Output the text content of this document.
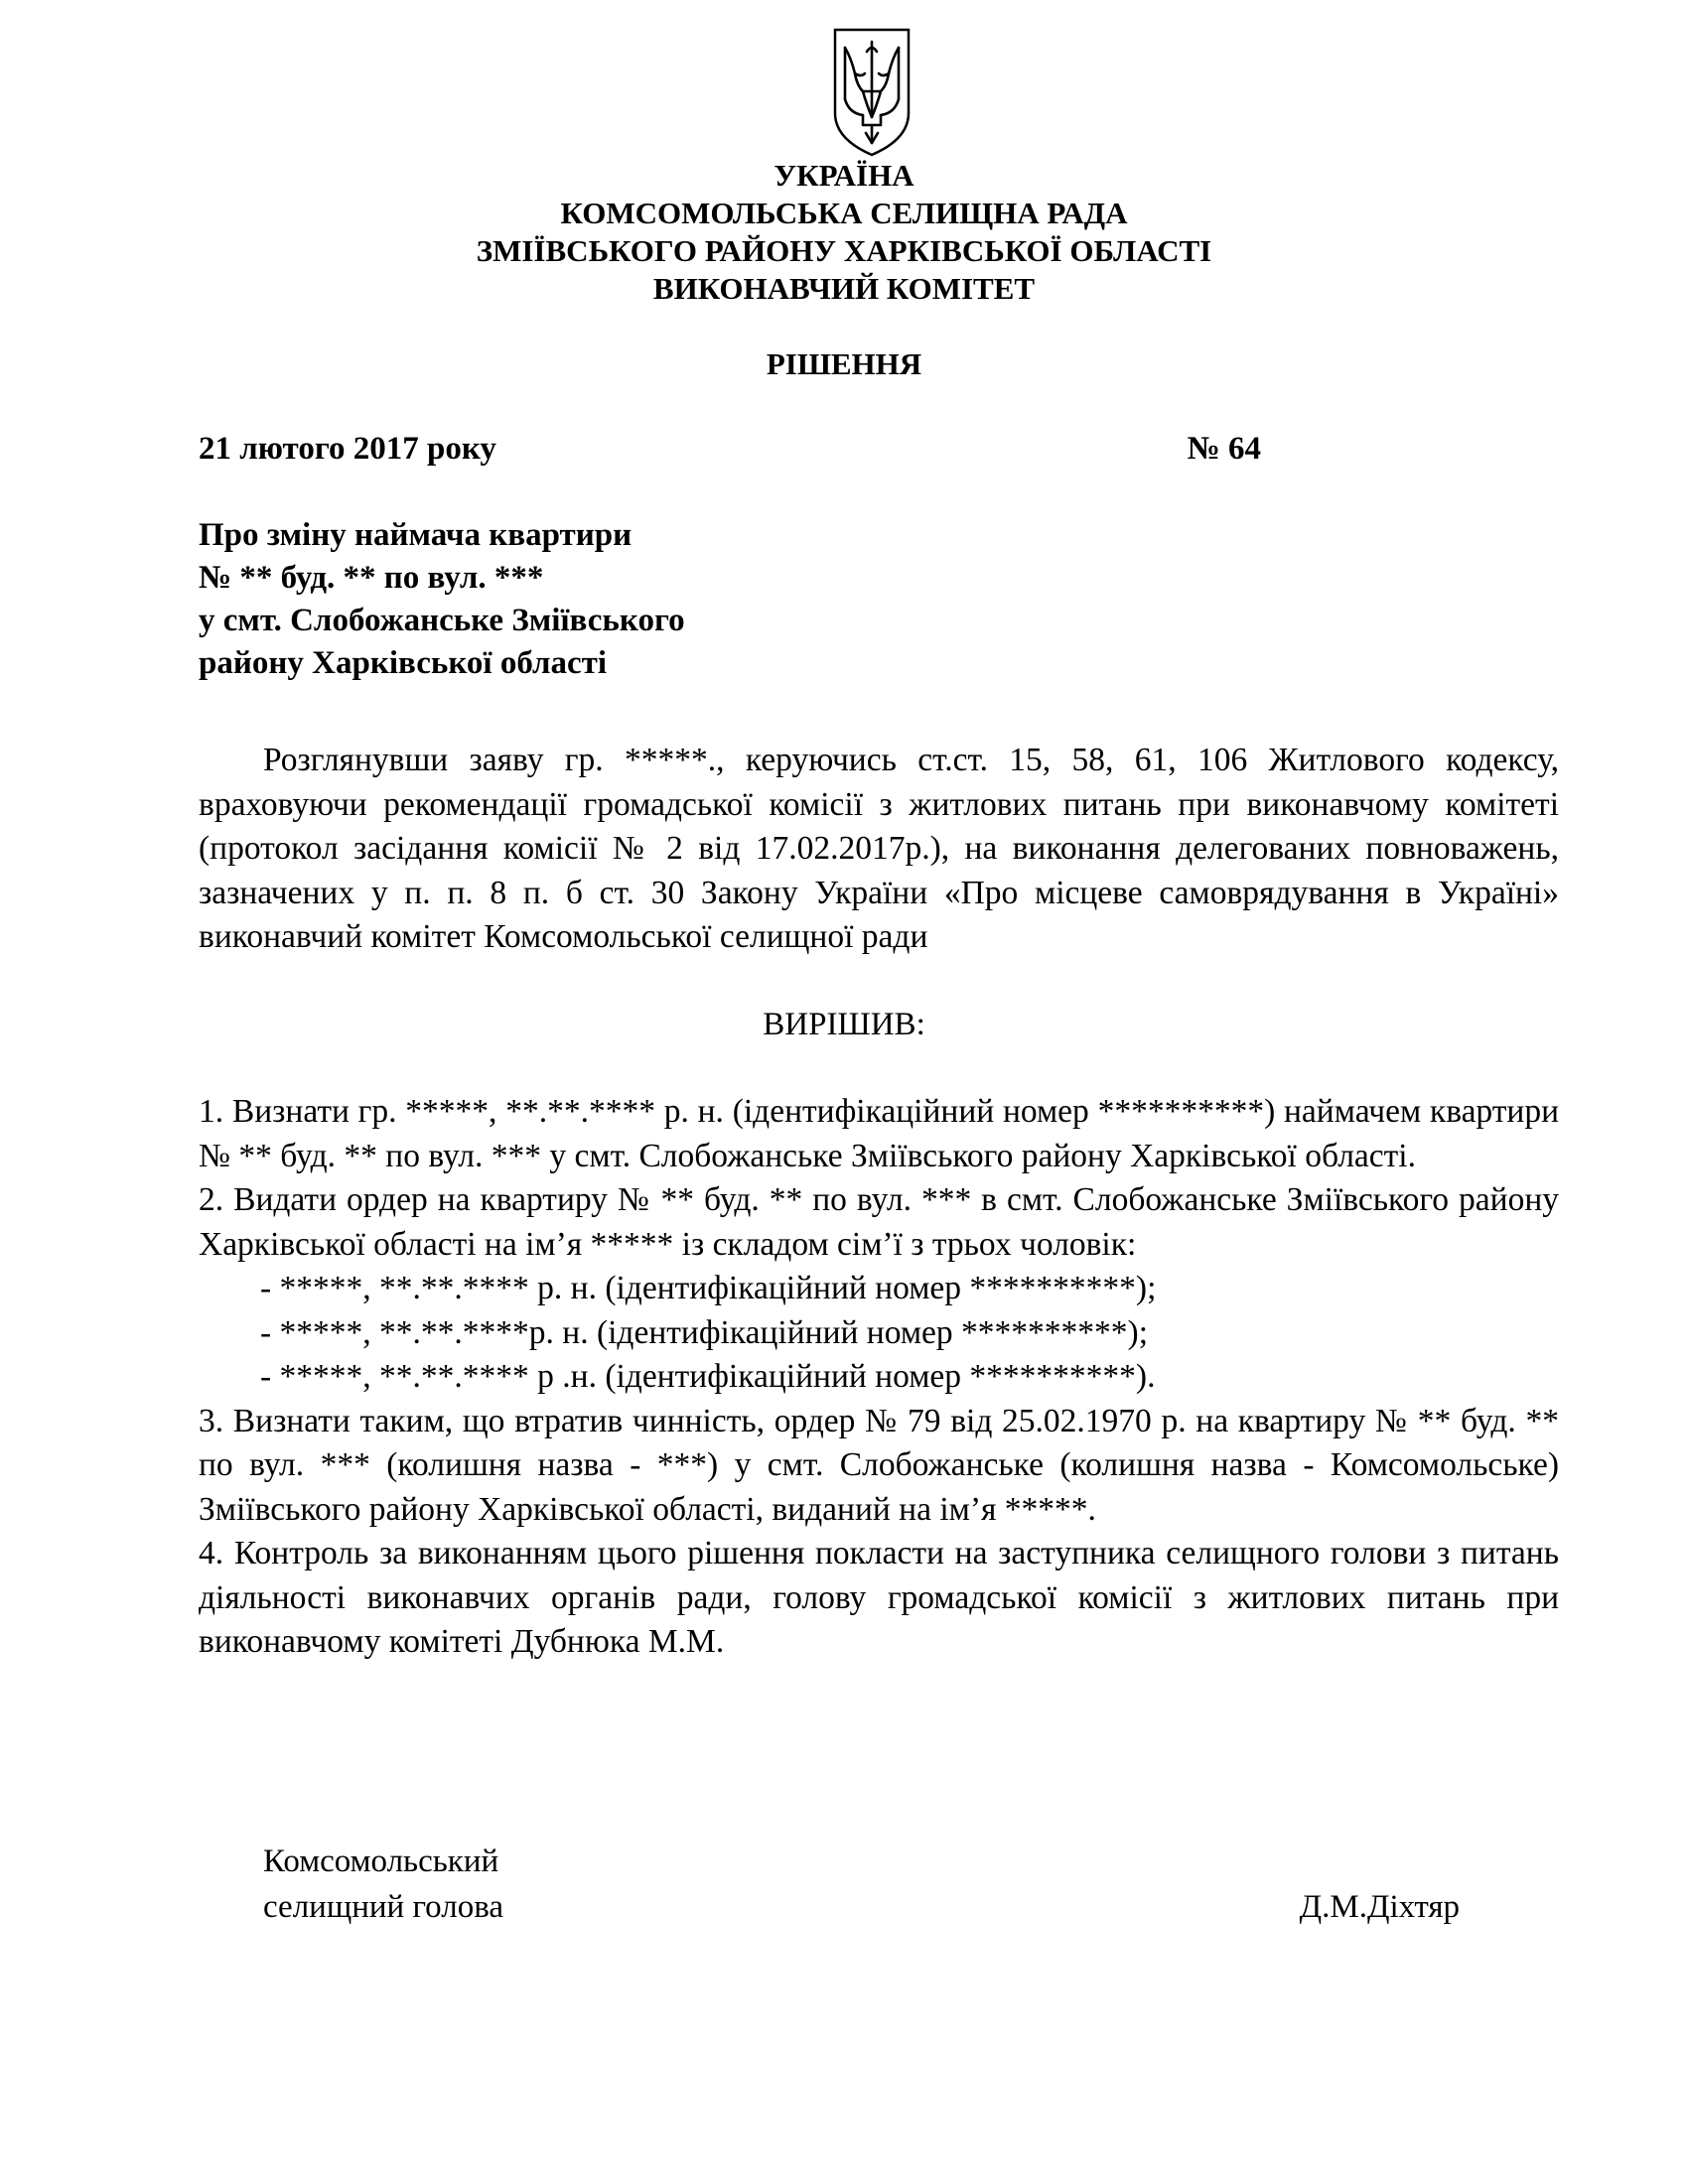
УКРАЇНА
КОМСОМОЛЬСЬКА СЕЛИЩНА РАДА
ЗМІЇВСЬКОГО РАЙОНУ ХАРКІВСЬКОЇ ОБЛАСТІ
ВИКОНАВЧИЙ КОМІТЕТ
РІШЕННЯ
21 лютого 2017 року	№ 64
Про зміну наймача квартири
№ ** буд. ** по вул. ***
у смт. Слобожанське Зміївського
району Харківської області
Розглянувши заяву гр. *****., керуючись ст.ст. 15, 58, 61, 106 Житлового кодексу, враховуючи рекомендації громадської комісії з житлових питань при виконавчому комітеті (протокол засідання комісії № 2 від 17.02.2017р.), на виконання делегованих повноважень, зазначених у п. п. 8 п. б ст. 30 Закону України «Про місцеве самоврядування в Україні» виконавчий комітет Комсомольської селищної ради
ВИРІШИВ:

1. Визнати гр. *****, **.**.**** р. н. (ідентифікаційний номер **********) наймачем квартири № ** буд. ** по вул. *** у смт. Слобожанське Зміївського району Харківської області.

2. Видати ордер на квартиру № ** буд. ** по вул. *** в смт. Слобожанське Зміївського району Харківської області на ім’я ***** із складом сім’ї з трьох чоловік:

- *****, **.**.**** р. н. (ідентифікаційний номер **********);

- *****, **.**.****р. н. (ідентифікаційний номер **********);

- *****, **.**.**** р .н. (ідентифікаційний номер **********).

3. Визнати таким, що втратив чинність, ордер № 79 від 25.02.1970 р. на квартиру № ** буд. ** по вул. *** (колишня назва - ***) у смт. Слобожанське (колишня назва - Комсомольське) Зміївського району Харківської області, виданий на ім’я *****.

4. Контроль за виконанням цього рішення покласти на заступника селищного голови з питань діяльності виконавчих органів ради, голову громадської комісії з житлових питань при виконавчому комітеті Дубнюка М.М.

Комсомольський
селищний голова	Д.М.Діхтяр
